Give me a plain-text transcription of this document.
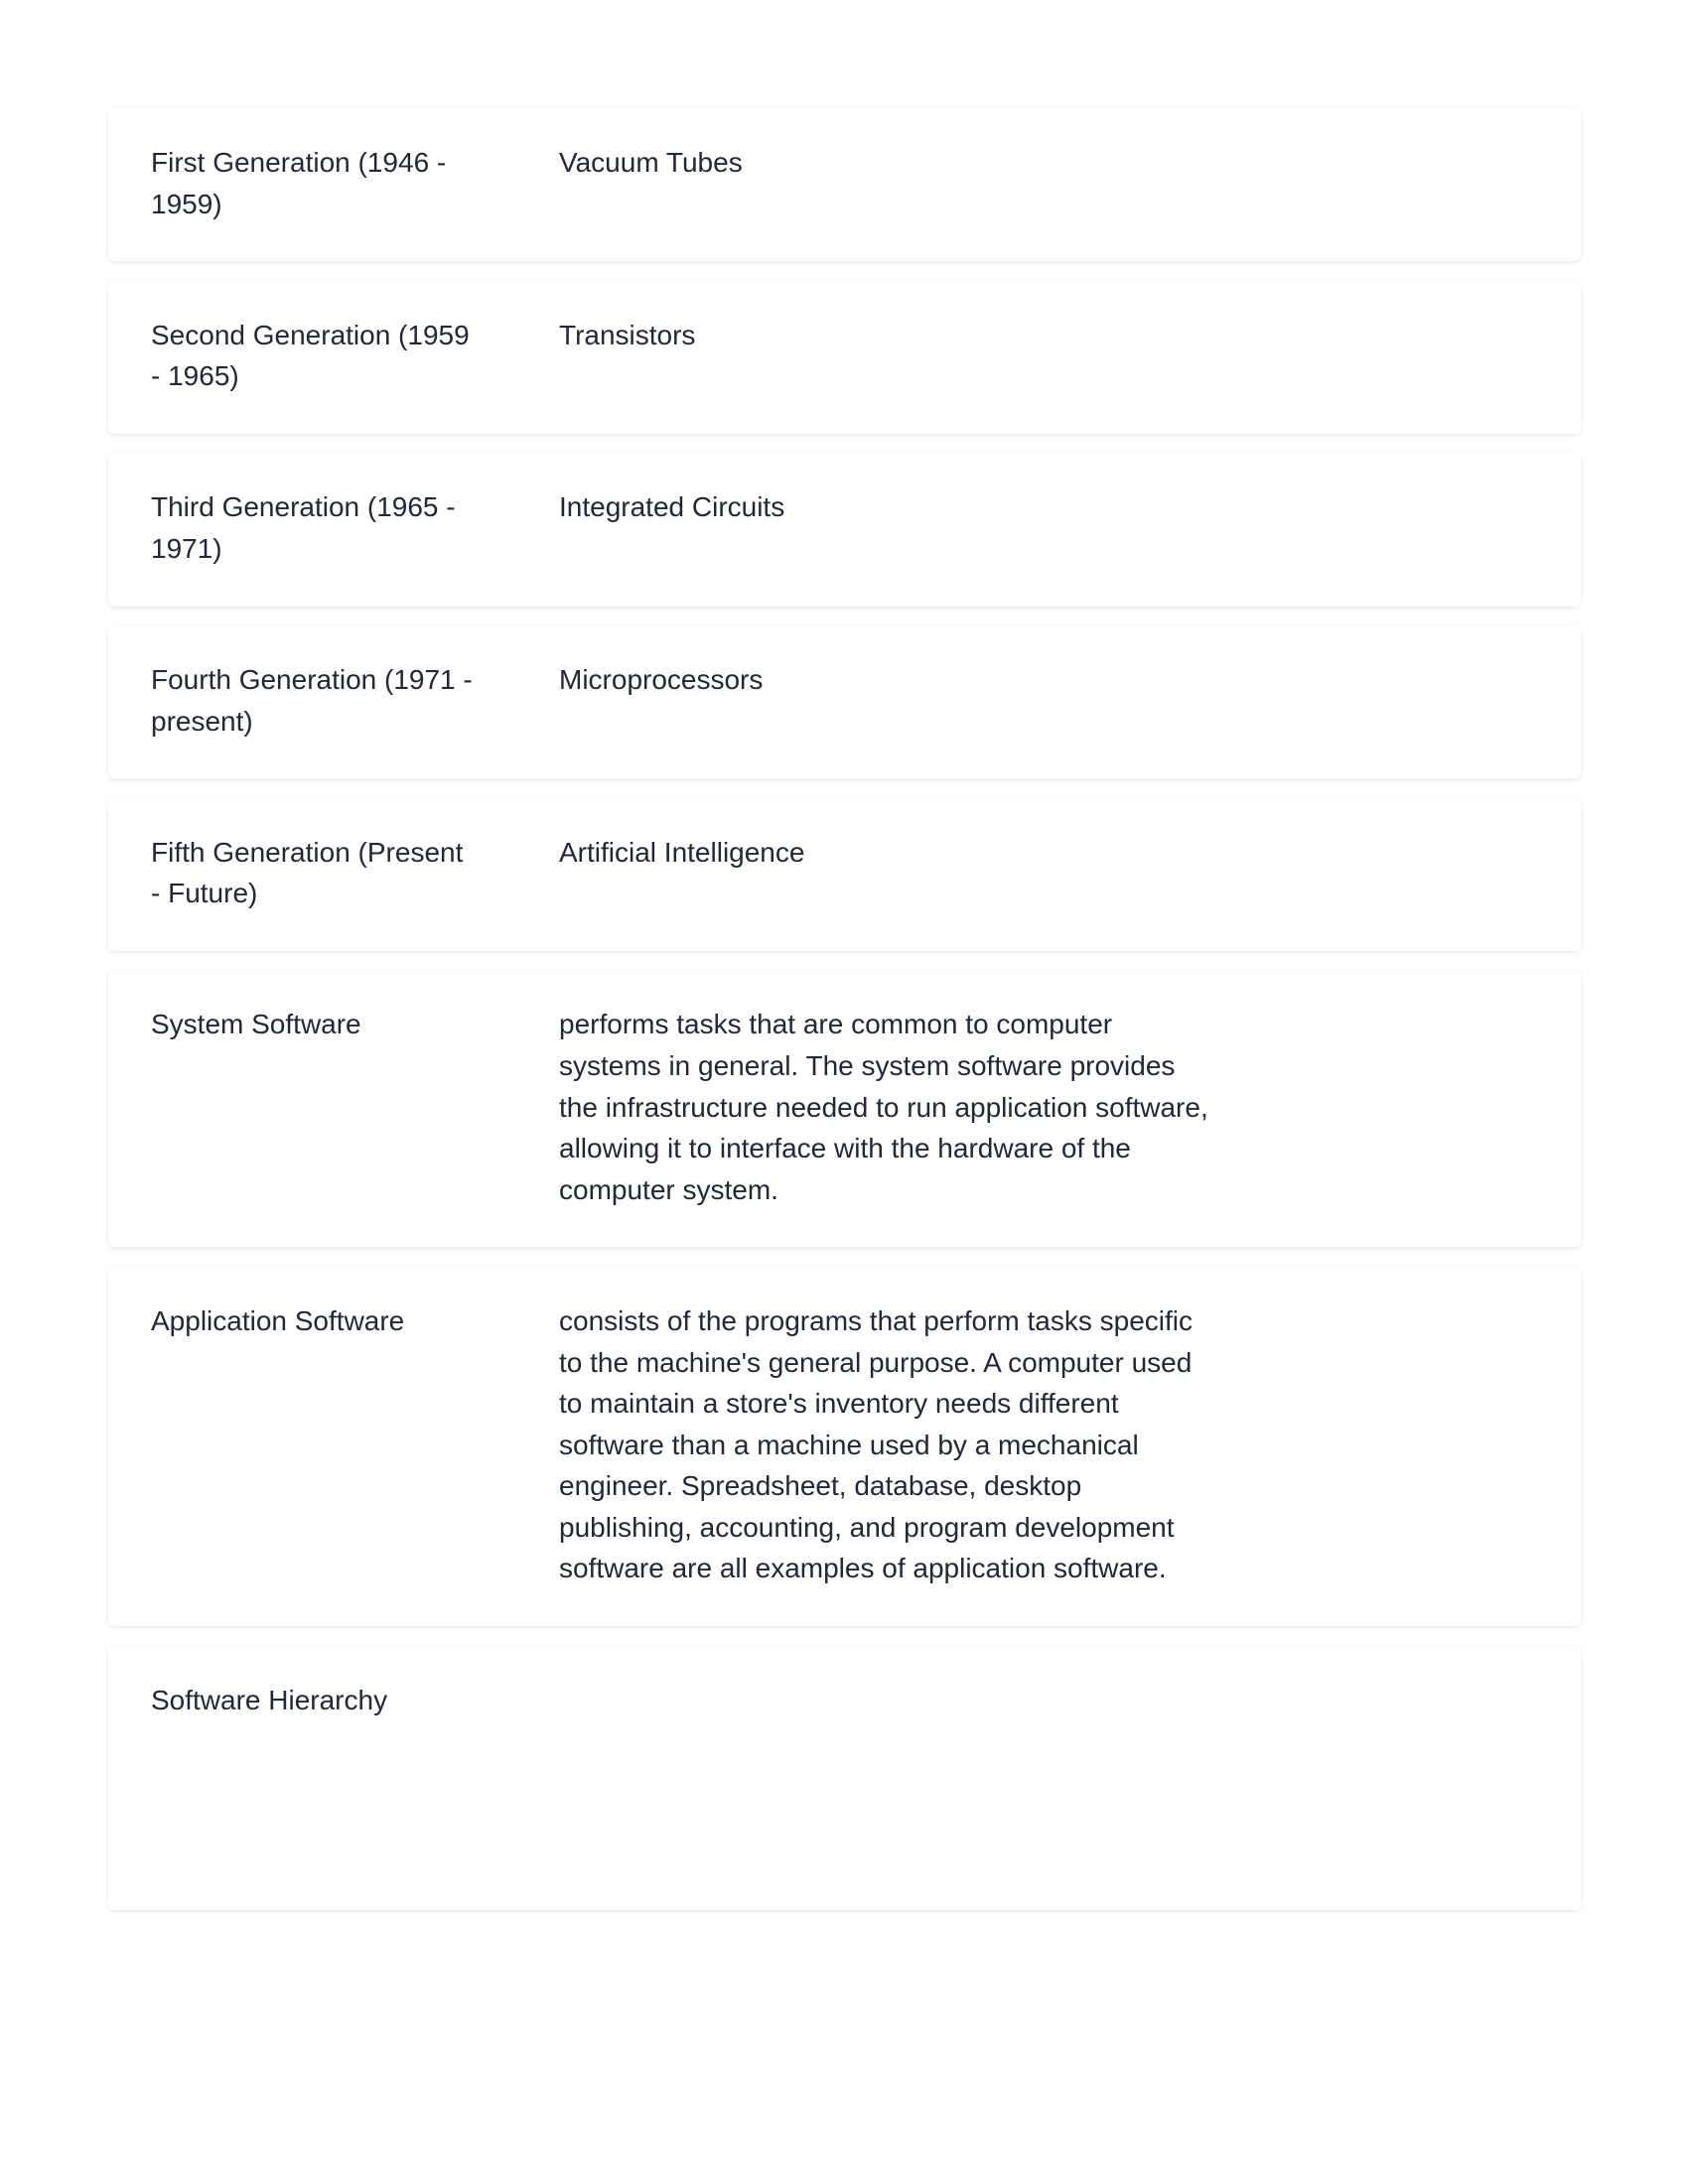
First Generation (1946 - 1959)
Vacuum Tubes
Second Generation (1959 - 1965)
Transistors
Third Generation (1965 - 1971)
Integrated Circuits
Fourth Generation (1971 - present)
Microprocessors
Fifth Generation (Present - Future)
Artificial Intelligence
System Software	performs tasks that are common to computer systems in general. The system software provides the infrastructure needed to run application software, allowing it to interface with the hardware of the computer system.
Application Software	consists of the programs that perform tasks specific to the machine's general purpose. A computer used to maintain a store's inventory needs different software than a machine used by a mechanical engineer. Spreadsheet, database, desktop publishing, accounting, and program development software are all examples of application software.
Software Hierarchy
